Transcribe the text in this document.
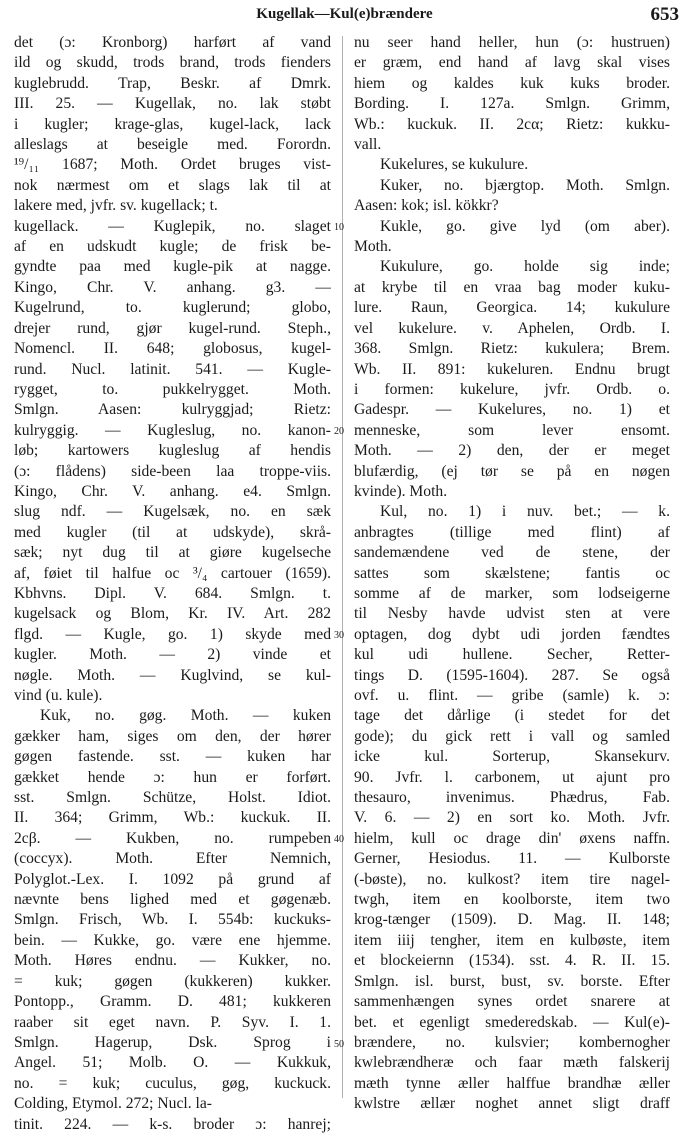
Kugellak—Kul(e)brændere	653
det (ɔ: Kronborg) harført af vand
ild og skudd, trods brand, trods fienders
kuglebrudd. Trap, Beskr. af Dmrk.
III. 25. — Kugellak, no. lak støbt
i kugler; krage-glas, kugel-lack, lack
alleslags at beseigle med. Forordn.
¹⁹/₁₁ 1687; Moth. Ordet bruges vist-
nok nærmest om et slags lak til at
lakere med, jvfr. sv. kugellack; t.
kugellack. — Kuglepik, no. slaget
af en udskudt kugle; de frisk be-
gyndte paa med kugle-pik at nagge.
Kingo, Chr. V. anhang. g3. —
Kugelrund, to. kuglerund; globo,
drejer rund, gjør kugel-rund. Steph.,
Nomencl. II. 648; globosus, kugel-
rund. Nucl. latinit. 541. — Kugle-
rygget, to. pukkelrygget. Moth.
Smlgn. Aasen: kulryggjad; Rietz:
kulryggig. — Kugleslug, no. kanon-
løb; kartowers kugleslug af hendis
(ɔ: flådens) side-been laa troppe-viis.
Kingo, Chr. V. anhang. e4. Smlgn.
slug ndf. — Kugelsæk, no. en sæk
med kugler (til at udskyde), skrå-
sæk; nyt dug til at giøre kugelseche
af, føiet til halfue oc ³/₄ cartouer (1659).
Kbhvns. Dipl. V. 684. Smlgn. t.
kugelsack og Blom, Kr. IV. Art. 282
flgd. — Kugle, go. 1) skyde med
kugler. Moth. — 2) vinde et
nøgle. Moth. — Kuglvind, se kul-
vind (u. kule).
Kuk, no. gøg. Moth. — kuken
gækker ham, siges om den, der hører
gøgen fastende. sst. — kuken har
gækket hende ɔ: hun er forført.
sst. Smlgn. Schütze, Holst. Idiot.
II. 364; Grimm, Wb.: kuckuk. II.
2cβ. — Kukben, no. rumpeben
(coccyx). Moth. Efter Nemnich,
Polyglot.-Lex. I. 1092 på grund af
nævnte bens lighed med et gøgenæb.
Smlgn. Frisch, Wb. I. 554b: kuckuks-
bein. — Kukke, go. være ene hjemme.
Moth. Høres endnu. — Kukker, no.
= kuk; gøgen (kukkeren) kukker.
Pontopp., Gramm. D. 481; kukkeren
raaber sit eget navn. P. Syv. I. 1.
Smlgn. Hagerup, Dsk. Sprog i
Angel. 51; Molb. O. — Kukkuk,
no. = kuk; cuculus, gøg, kuckuck.
Colding, Etymol. 272; Nucl. la-
tinit. 224. — k-s. broder ɔ: hanrej;
nu seer hand heller, hun (ɔ: hustruen)
er græm, end hand af lavg skal vises
hiem og kaldes kuk kuks broder.
Bording. I. 127a. Smlgn. Grimm,
Wb.: kuckuk. II. 2cα; Rietz: kukku-
vall.
Kukelures, se kukulure.
Kuker, no. bjærgtop. Moth. Smlgn.
Aasen: kok; isl. kökkr?
Kukle, go. give lyd (om aber).
Moth.
Kukulure, go. holde sig inde;
at krybe til en vraa bag moder kuku-
lure. Raun, Georgica. 14; kukulure
vel kukelure. v. Aphelen, Ordb. I.
368. Smlgn. Rietz: kukulera; Brem.
Wb. II. 891: kukeluren. Endnu brugt
i formen: kukelure, jvfr. Ordb. o.
Gadespr. — Kukelures, no. 1) et
menneske, som lever ensomt.
Moth. — 2) den, der er meget
blufærdig, (ej tør se på en nøgen
kvinde). Moth.
Kul, no. 1) i nuv. bet.; — k.
anbragtes (tillige med flint) af
sandemændene ved de stene, der
sattes som skælstene; fantis oc
somme af de marker, som lodseigerne
til Nesby havde udvist sten at vere
optagen, dog dybt udi jorden fændtes
kul udi hullene. Secher, Retter-
tings D. (1595-1604). 287. Se også
ovf. u. flint. — gribe (samle) k. ɔ:
tage det dårlige (i stedet for det
gode); du gick rett i vall og samled
icke kul. Sorterup, Skansekurv.
90. Jvfr. l. carbonem, ut ajunt pro
thesauro, invenimus. Phædrus, Fab.
V. 6. — 2) en sort ko. Moth. Jvfr.
hielm, kull oc drage din' øxens naffn.
Gerner, Hesiodus. 11. — Kulborste
(-bøste), no. kulkost? item tire nagel-
twgh, item en koolborste, item two
krog-tænger (1509). D. Mag. II. 148;
item iiij tengher, item en kulbøste, item
et blockeiernn (1534). sst. 4. R. II. 15.
Smlgn. isl. burst, bust, sv. borste. Efter
sammenhængen synes ordet snarere at
bet. et egenligt smederedskab. — Kul(e)-
brændere, no. kulsvier; kombernogher
kwlebrændheræ och faar mæth falskerij
mæth tynne æller halffue brandhæ æller
kwlstre ællær noghet annet sligt draff
10
20
30
40
50
